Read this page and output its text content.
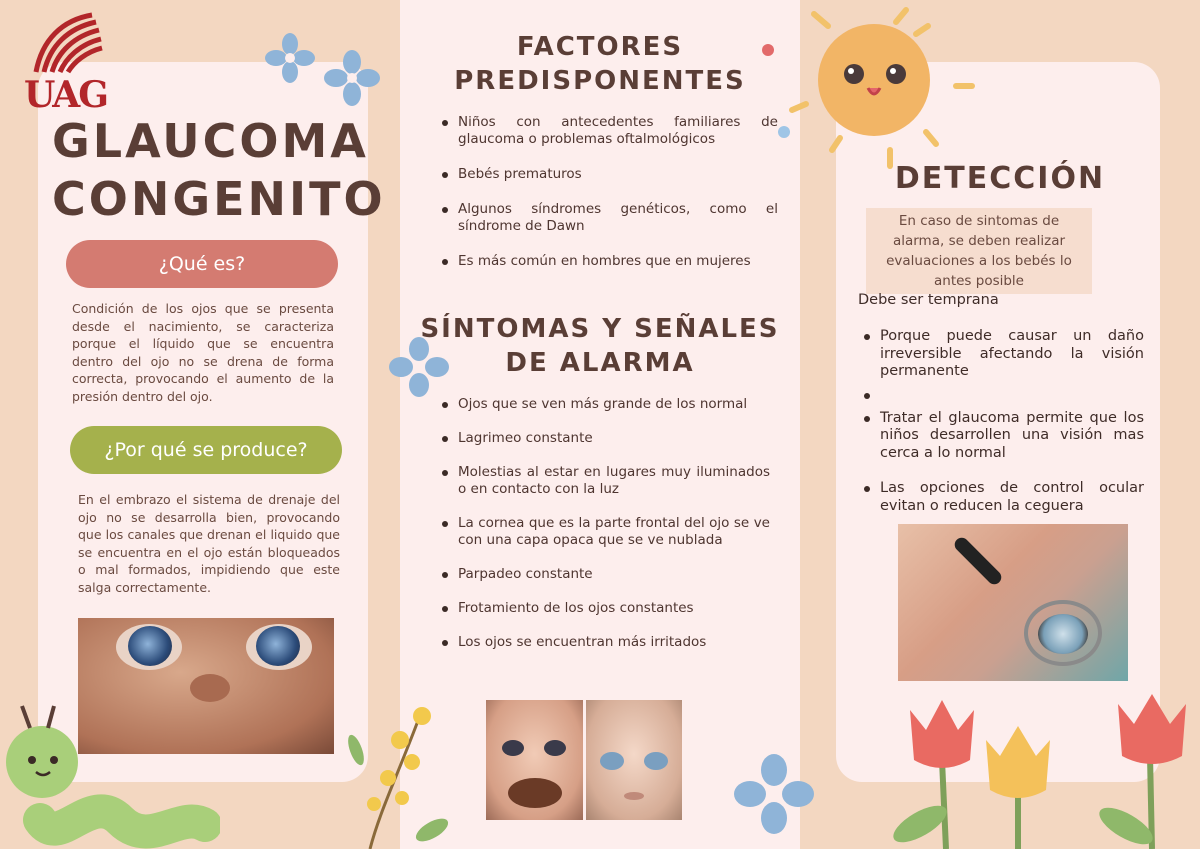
UAG
GLAUCOMA CONGENITO
¿Qué es?
Condición de los ojos que se presenta desde el nacimiento, se caracteriza porque el líquido que se encuentra dentro del ojo no se drena de forma correcta, provocando el aumento de la presión dentro del ojo.
¿Por qué se produce?
En el embrazo el sistema de drenaje del ojo no se desarrolla bien, provocando que los canales que drenan el liquido que se encuentra en el ojo están bloqueados o mal formados, impidiendo que este salga correctamente.
FACTORES PREDISPONENTES
Niños con antecedentes familiares de glaucoma o problemas oftalmológicos
Bebés prematuros
Algunos síndromes genéticos, como el síndrome de Dawn
Es más común en hombres que en mujeres
SÍNTOMAS Y SEÑALES DE ALARMA
Ojos que se ven más grande de los normal
Lagrimeo constante
Molestias al estar en lugares muy iluminados o en contacto con la luz
La cornea que es la parte frontal del ojo se ve con una capa opaca que se ve nublada
Parpadeo constante
Frotamiento de los ojos constantes
Los ojos se encuentran más irritados
DETECCIÓN
En caso de sintomas de alarma, se deben realizar evaluaciones a los bebés lo antes posible
Debe ser temprana
Porque puede causar un daño irreversible afectando la visión permanente
Tratar el glaucoma permite que los niños desarrollen una visión mas cerca a lo normal
Las opciones de control ocular evitan o reducen la ceguera
